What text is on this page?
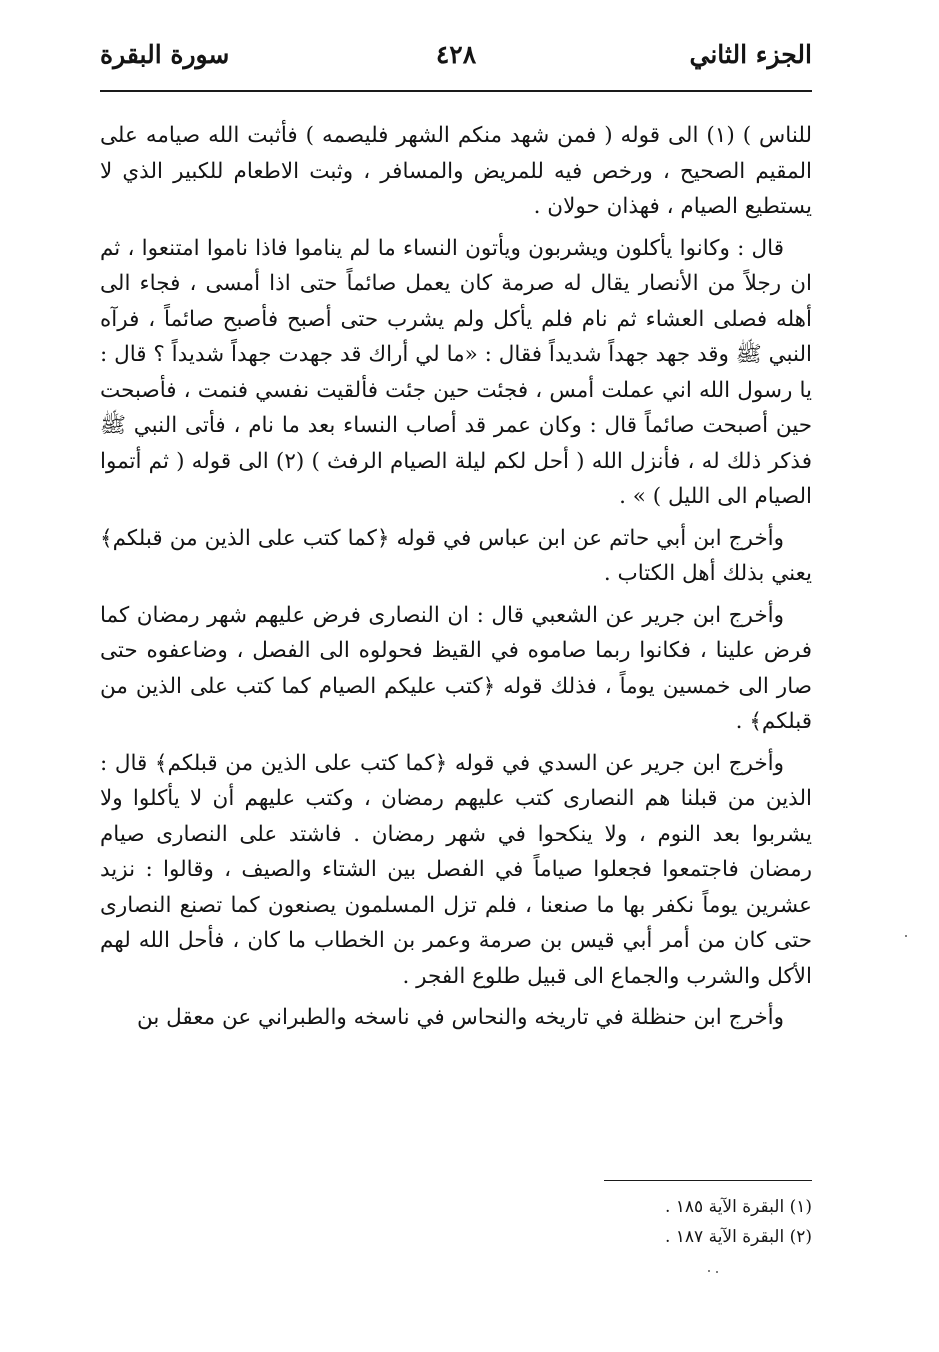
الجزء الثاني
٤٢٨
سورة البقرة

للناس ) (١) الى قوله ( فمن شهد منكم الشهر فليصمه ) فأثبت الله صيامه على المقيم الصحيح ، ورخص فيه للمريض والمسافر ، وثبت الاطعام للكبير الذي لا يستطيع الصيام ، فهذان حولان .

قال : وكانوا يأكلون ويشربون ويأتون النساء ما لم يناموا فاذا ناموا امتنعوا ، ثم ان رجلاً من الأنصار يقال له صرمة كان يعمل صائماً حتى اذا أمسى ، فجاء الى أهله فصلى العشاء ثم نام فلم يأكل ولم يشرب حتى أصبح فأصبح صائماً ، فرآه النبي ﷺ وقد جهد جهداً شديداً فقال : «ما لي أراك قد جهدت جهداً شديداً ؟ قال : يا رسول الله اني عملت أمس ، فجئت حين جئت فألقيت نفسي فنمت ، فأصبحت حين أصبحت صائماً قال : وكان عمر قد أصاب النساء بعد ما نام ، فأتى النبي ﷺ فذكر ذلك له ، فأنزل الله ( أحل لكم ليلة الصيام الرفث ) (٢) الى قوله ( ثم أتموا الصيام الى الليل ) » .

وأخرج ابن أبي حاتم عن ابن عباس في قوله ﴿كما كتب على الذين من قبلكم﴾ يعني بذلك أهل الكتاب .

وأخرج ابن جرير عن الشعبي قال : ان النصارى فرض عليهم شهر رمضان كما فرض علينا ، فكانوا ربما صاموه في القيظ فحولوه الى الفصل ، وضاعفوه حتى صار الى خمسين يوماً ، فذلك قوله ﴿كتب عليكم الصيام كما كتب على الذين من قبلكم﴾ .

وأخرج ابن جرير عن السدي في قوله ﴿كما كتب على الذين من قبلكم﴾ قال : الذين من قبلنا هم النصارى كتب عليهم رمضان ، وكتب عليهم أن لا يأكلوا ولا يشربوا بعد النوم ، ولا ينكحوا في شهر رمضان . فاشتد على النصارى صيام رمضان فاجتمعوا فجعلوا صياماً في الفصل بين الشتاء والصيف ، وقالوا : نزيد عشرين يوماً نكفر بها ما صنعنا ، فلم تزل المسلمون يصنعون كما تصنع النصارى حتى كان من أمر أبي قيس بن صرمة وعمر بن الخطاب ما كان ، فأحل الله لهم الأكل والشرب والجماع الى قبيل طلوع الفجر .

وأخرج ابن حنظلة في تاريخه والنحاس في ناسخه والطبراني عن معقل بن

(١) البقرة الآية ١٨٥ .

(٢) البقرة الآية ١٨٧ .
